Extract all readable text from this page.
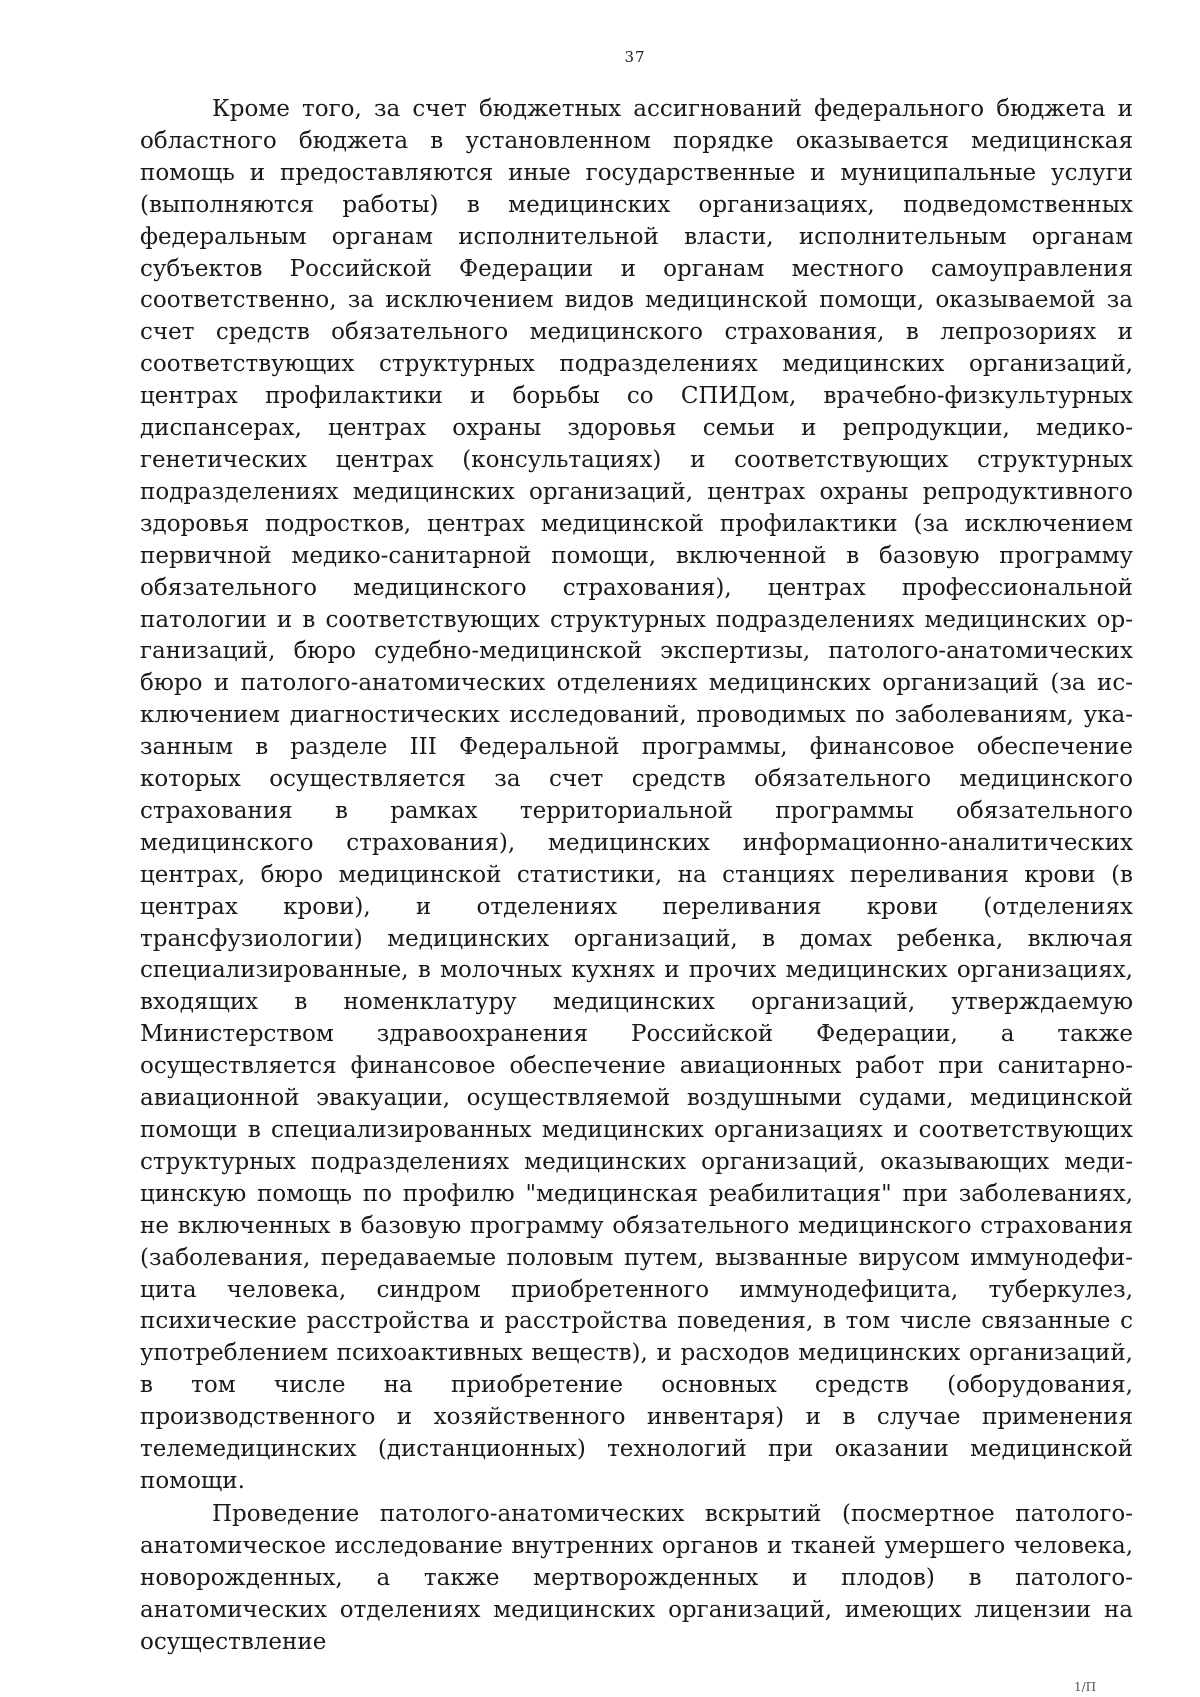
37

Кроме того, за счет бюджетных ассигнований федерального бюджета и областного бюджета в установленном порядке оказывается медицинская помощь и предоставляются иные государственные и муниципальные услуги (выполняются работы) в медицинских организациях, подведомственных федеральным органам исполнительной власти, исполнительным органам субъектов Российской Федерации и органам местного самоуправления соответственно, за исключением видов медицинской помощи, оказываемой за счет средств обязательного медицинского страхования, в лепрозориях и соответствующих структурных подразделениях медицинских организаций, центрах профилактики и борьбы со СПИДом, врачебно-физкультурных диспансерах, центрах охраны здоровья семьи и репродукции, медико-генетических центрах (консультациях) и соответствующих структурных подразделениях медицинских организаций, центрах охраны репродуктивного здоровья подростков, центрах медицинской профилактики (за исключением первичной медико-санитарной помощи, включенной в базовую программу обязательного медицинского страхования), центрах профессиональной патологии и в соответствующих структурных подразделениях медицинских организаций, бюро судебно-медицинской экспертизы, патолого-анатомических бюро и патолого-анатомических отделениях медицинских организаций (за исключением диагностических исследований, проводимых по заболеваниям, указанным в разделе III Федеральной программы, финансовое обеспечение которых осуществляется за счет средств обязательного медицинского страхования в рамках территориальной программы обязательного медицинского страхования), медицинских информационно-аналитических центрах, бюро медицинской статистики, на станциях переливания крови (в центрах крови), и отделениях переливания крови (отделениях трансфузиологии) медицинских организаций, в домах ребенка, включая специализированные, в молочных кухнях и прочих медицинских организациях, входящих в номенклатуру медицинских организаций, утверждаемую Министерством здравоохранения Российской Федерации, а также осуществляется финансовое обеспечение авиационных работ при санитарно-авиационной эвакуации, осуществляемой воздушными судами, медицинской помощи в специализированных медицинских организациях и соответствующих структурных подразделениях медицинских организаций, оказывающих медицинскую помощь по профилю "медицинская реабилитация" при заболеваниях, не включенных в базовую программу обязательного медицинского страхования (заболевания, передаваемые половым путем, вызванные вирусом иммунодефицита человека, синдром приобретенного иммунодефицита, туберкулез, психические расстройства и расстройства поведения, в том числе связанные с употреблением психоактивных веществ), и расходов медицинских организаций, в том числе на приобретение основных средств (оборудования, производственного и хозяйственного инвентаря) и в случае применения телемедицинских (дистанционных) технологий при оказании медицинской помощи.

Проведение патолого-анатомических вскрытий (посмертное патолого-анатомическое исследование внутренних органов и тканей умершего человека, новорожденных, а также мертворожденных и плодов) в патолого-анатомических отделениях медицинских организаций, имеющих лицензии на осуществление

1/П
